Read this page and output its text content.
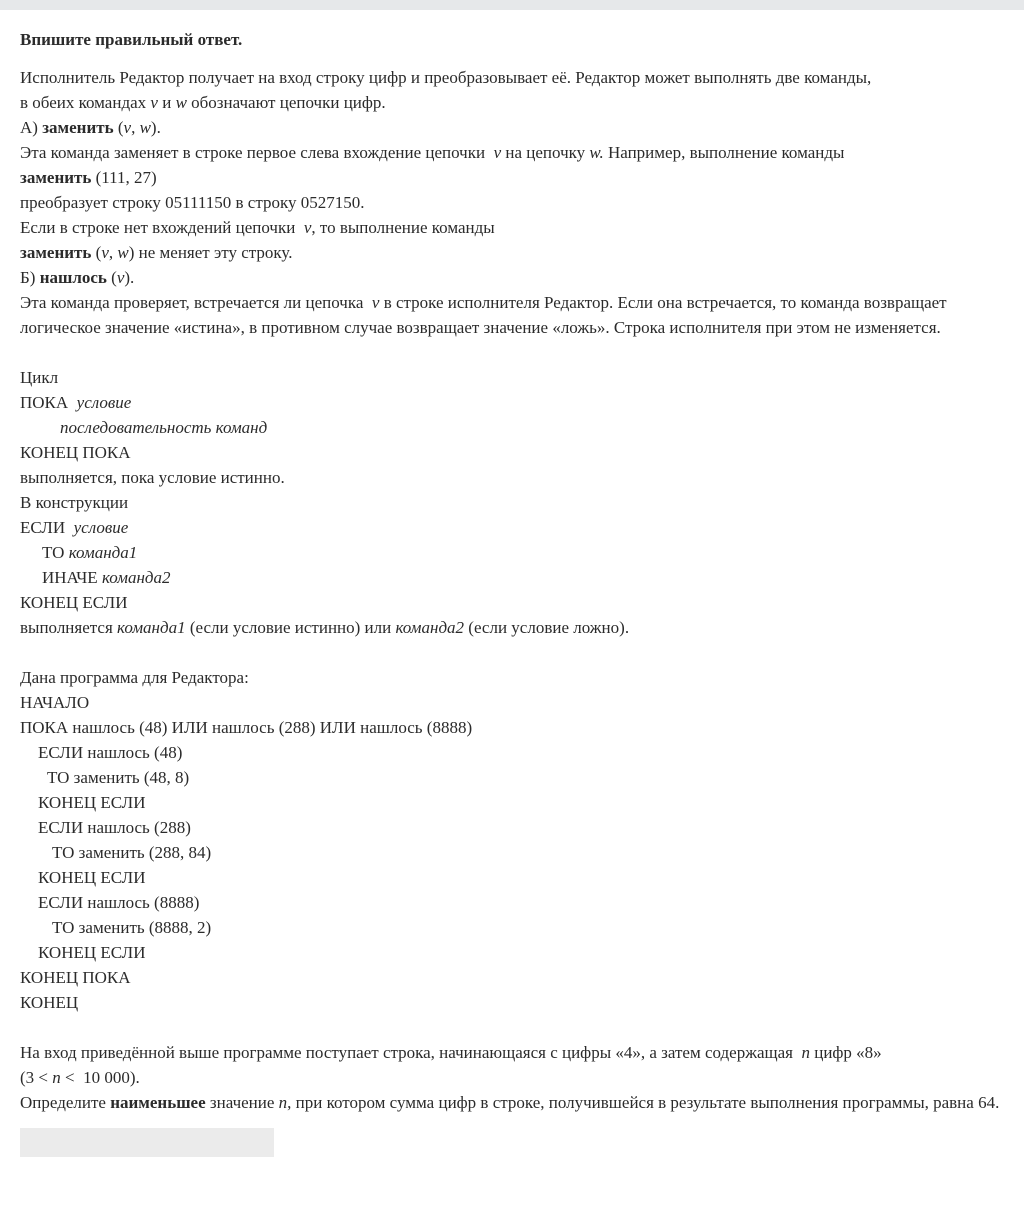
Впишите правильный ответ.
Исполнитель Редактор получает на вход строку цифр и преобразовывает её. Редактор может выполнять две команды,
в обеих командах v и w обозначают цепочки цифр.
А) заменить (v, w).
Эта команда заменяет в строке первое слева вхождение цепочки  v на цепочку w. Например, выполнение команды
заменить (111, 27)
преобразует строку 05111150 в строку 0527150.
Если в строке нет вхождений цепочки  v, то выполнение команды
заменить (v, w) не меняет эту строку.
Б) нашлось (v).
Эта команда проверяет, встречается ли цепочка  v в строке исполнителя Редактор. Если она встречается, то команда возвращает
логическое значение «истина», в противном случае возвращает значение «ложь». Строка исполнителя при этом не изменяется.
Цикл
ПОКА  условие
последовательность команд
КОНЕЦ ПОКА
выполняется, пока условие истинно.
В конструкции
ЕСЛИ  условие
ТО команда1
ИНАЧЕ команда2
КОНЕЦ ЕСЛИ
выполняется команда1 (если условие истинно) или команда2 (если условие ложно).
Дана программа для Редактора:
НАЧАЛО
ПОКА нашлось (48) ИЛИ нашлось (288) ИЛИ нашлось (8888)
ЕСЛИ нашлось (48)
ТО заменить (48, 8)
КОНЕЦ ЕСЛИ
ЕСЛИ нашлось (288)
ТО заменить (288, 84)
КОНЕЦ ЕСЛИ
ЕСЛИ нашлось (8888)
ТО заменить (8888, 2)
КОНЕЦ ЕСЛИ
КОНЕЦ ПОКА
КОНЕЦ
На вход приведённой выше программе поступает строка, начинающаяся с цифры «4», а затем содержащая  n цифр «8»
(3 < n <  10 000).
Определите наименьшее значение n, при котором сумма цифр в строке, получившейся в результате выполнения программы, равна 64.
